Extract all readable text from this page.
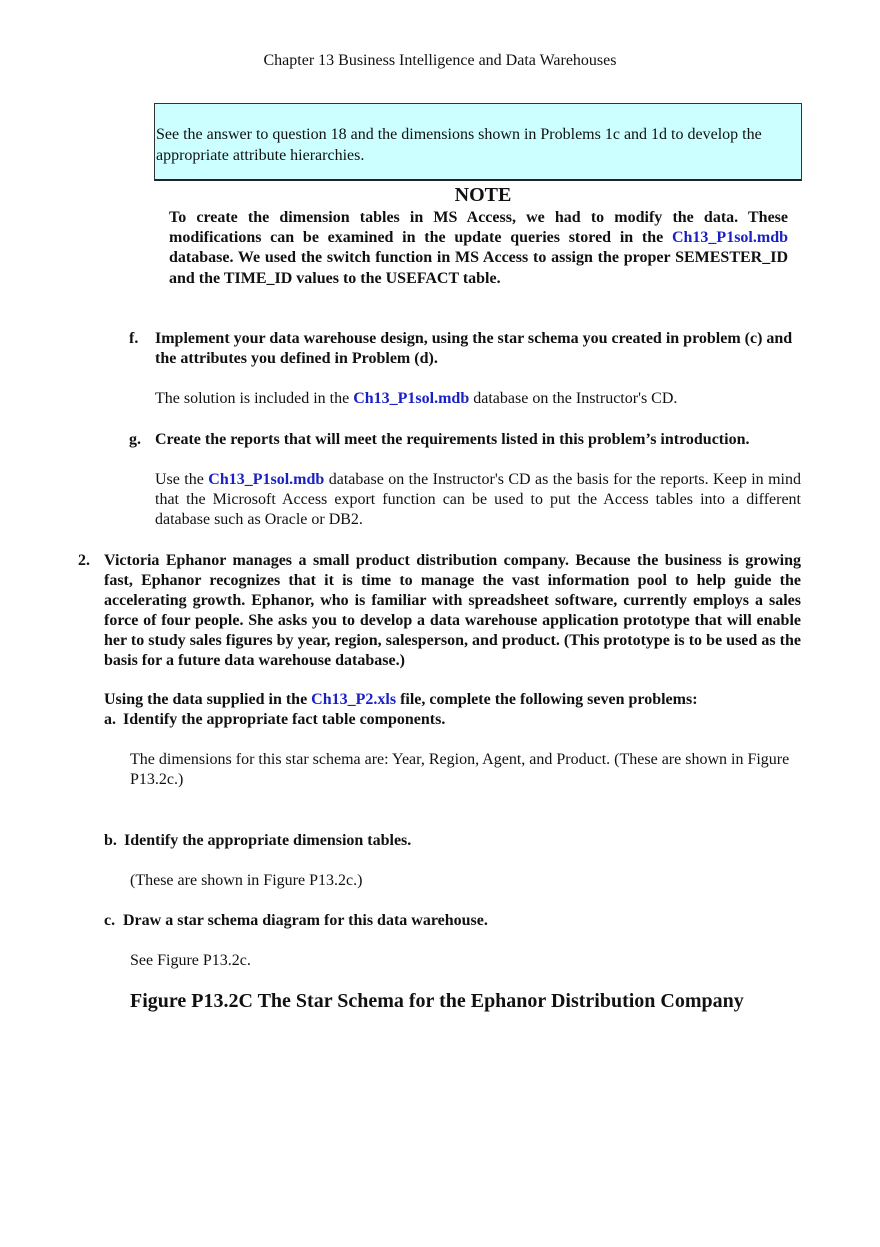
Chapter 13 Business Intelligence and Data Warehouses
See the answer to question 18 and the dimensions shown in Problems 1c and 1d to develop the appropriate attribute hierarchies.
NOTE
To create the dimension tables in MS Access, we had to modify the data. These modifications can be examined in the update queries stored in the Ch13_P1sol.mdb database. We used the switch function in MS Access to assign the proper SEMESTER_ID and the TIME_ID values to the USEFACT table.
f. Implement your data warehouse design, using the star schema you created in problem (c) and the attributes you defined in Problem (d).
The solution is included in the Ch13_P1sol.mdb database on the Instructor's CD.
g. Create the reports that will meet the requirements listed in this problem’s introduction.
Use the Ch13_P1sol.mdb database on the Instructor's CD as the basis for the reports. Keep in mind that the Microsoft Access export function can be used to put the Access tables into a different database such as Oracle or DB2.
2. Victoria Ephanor manages a small product distribution company. Because the business is growing fast, Ephanor recognizes that it is time to manage the vast information pool to help guide the accelerating growth. Ephanor, who is familiar with spreadsheet software, currently employs a sales force of four people. She asks you to develop a data warehouse application prototype that will enable her to study sales figures by year, region, salesperson, and product. (This prototype is to be used as the basis for a future data warehouse database.)
Using the data supplied in the Ch13_P2.xls file, complete the following seven problems:
a. Identify the appropriate fact table components.
The dimensions for this star schema are: Year, Region, Agent, and Product. (These are shown in Figure P13.2c.)
b. Identify the appropriate dimension tables.
(These are shown in Figure P13.2c.)
c. Draw a star schema diagram for this data warehouse.
See Figure P13.2c.
Figure P13.2C The Star Schema for the Ephanor Distribution Company
